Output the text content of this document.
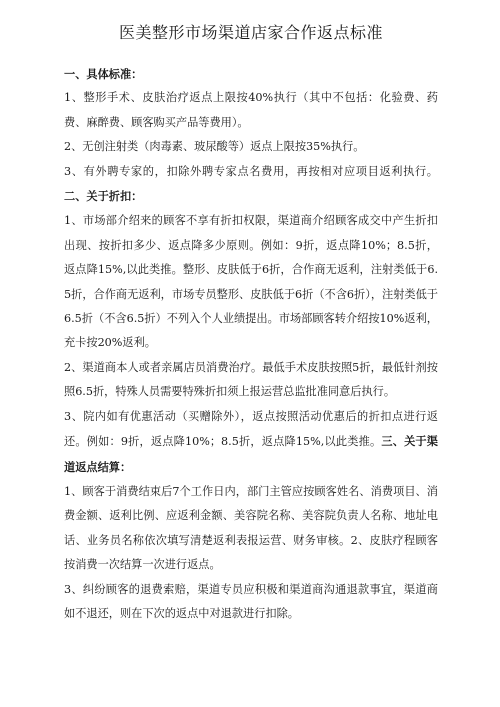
医美整形市场渠道店家合作返点标准

一、具体标准：

1、整形手术、皮肤治疗返点上限按40%执行（其中不包括：化验费、药费、麻醉费、顾客购买产品等费用）。

2、无创注射类（肉毒素、玻尿酸等）返点上限按35%执行。

3、有外聘专家的，扣除外聘专家点名费用，再按相对应项目返利执行。二、关于折扣：

1、市场部介绍来的顾客不享有折扣权限，渠道商介绍顾客成交中产生折扣出现、按折扣多少、返点降多少原则。例如：9折，返点降10%；8.5折，返点降15%,以此类推。整形、皮肤低于6折，合作商无返利，注射类低于6.5折，合作商无返利，市场专员整形、皮肤低于6折（不含6折），注射类低于6.5折（不含6.5折）不列入个人业绩提出。市场部顾客转介绍按10%返利，充卡按20%返利。

2、渠道商本人或者亲属店员消费治疗。最低手术皮肤按照5折，最低针剂按照6.5折，特殊人员需要特殊折扣须上报运营总监批准同意后执行。

3、院内如有优惠活动（买赠除外），返点按照活动优惠后的折扣点进行返还。例如：9折，返点降10%；8.5折，返点降15%,以此类推。三、关于渠道返点结算：

1、顾客于消费结束后7个工作日内，部门主管应按顾客姓名、消费项目、消费金额、返利比例、应返利金额、美容院名称、美容院负责人名称、地址电话、业务员名称依次填写清楚返利表报运营、财务审核。2、皮肤疗程顾客按消费一次结算一次进行返点。

3、纠纷顾客的退费索赔，渠道专员应积极和渠道商沟通退款事宜，渠道商如不退还，则在下次的返点中对退款进行扣除。
